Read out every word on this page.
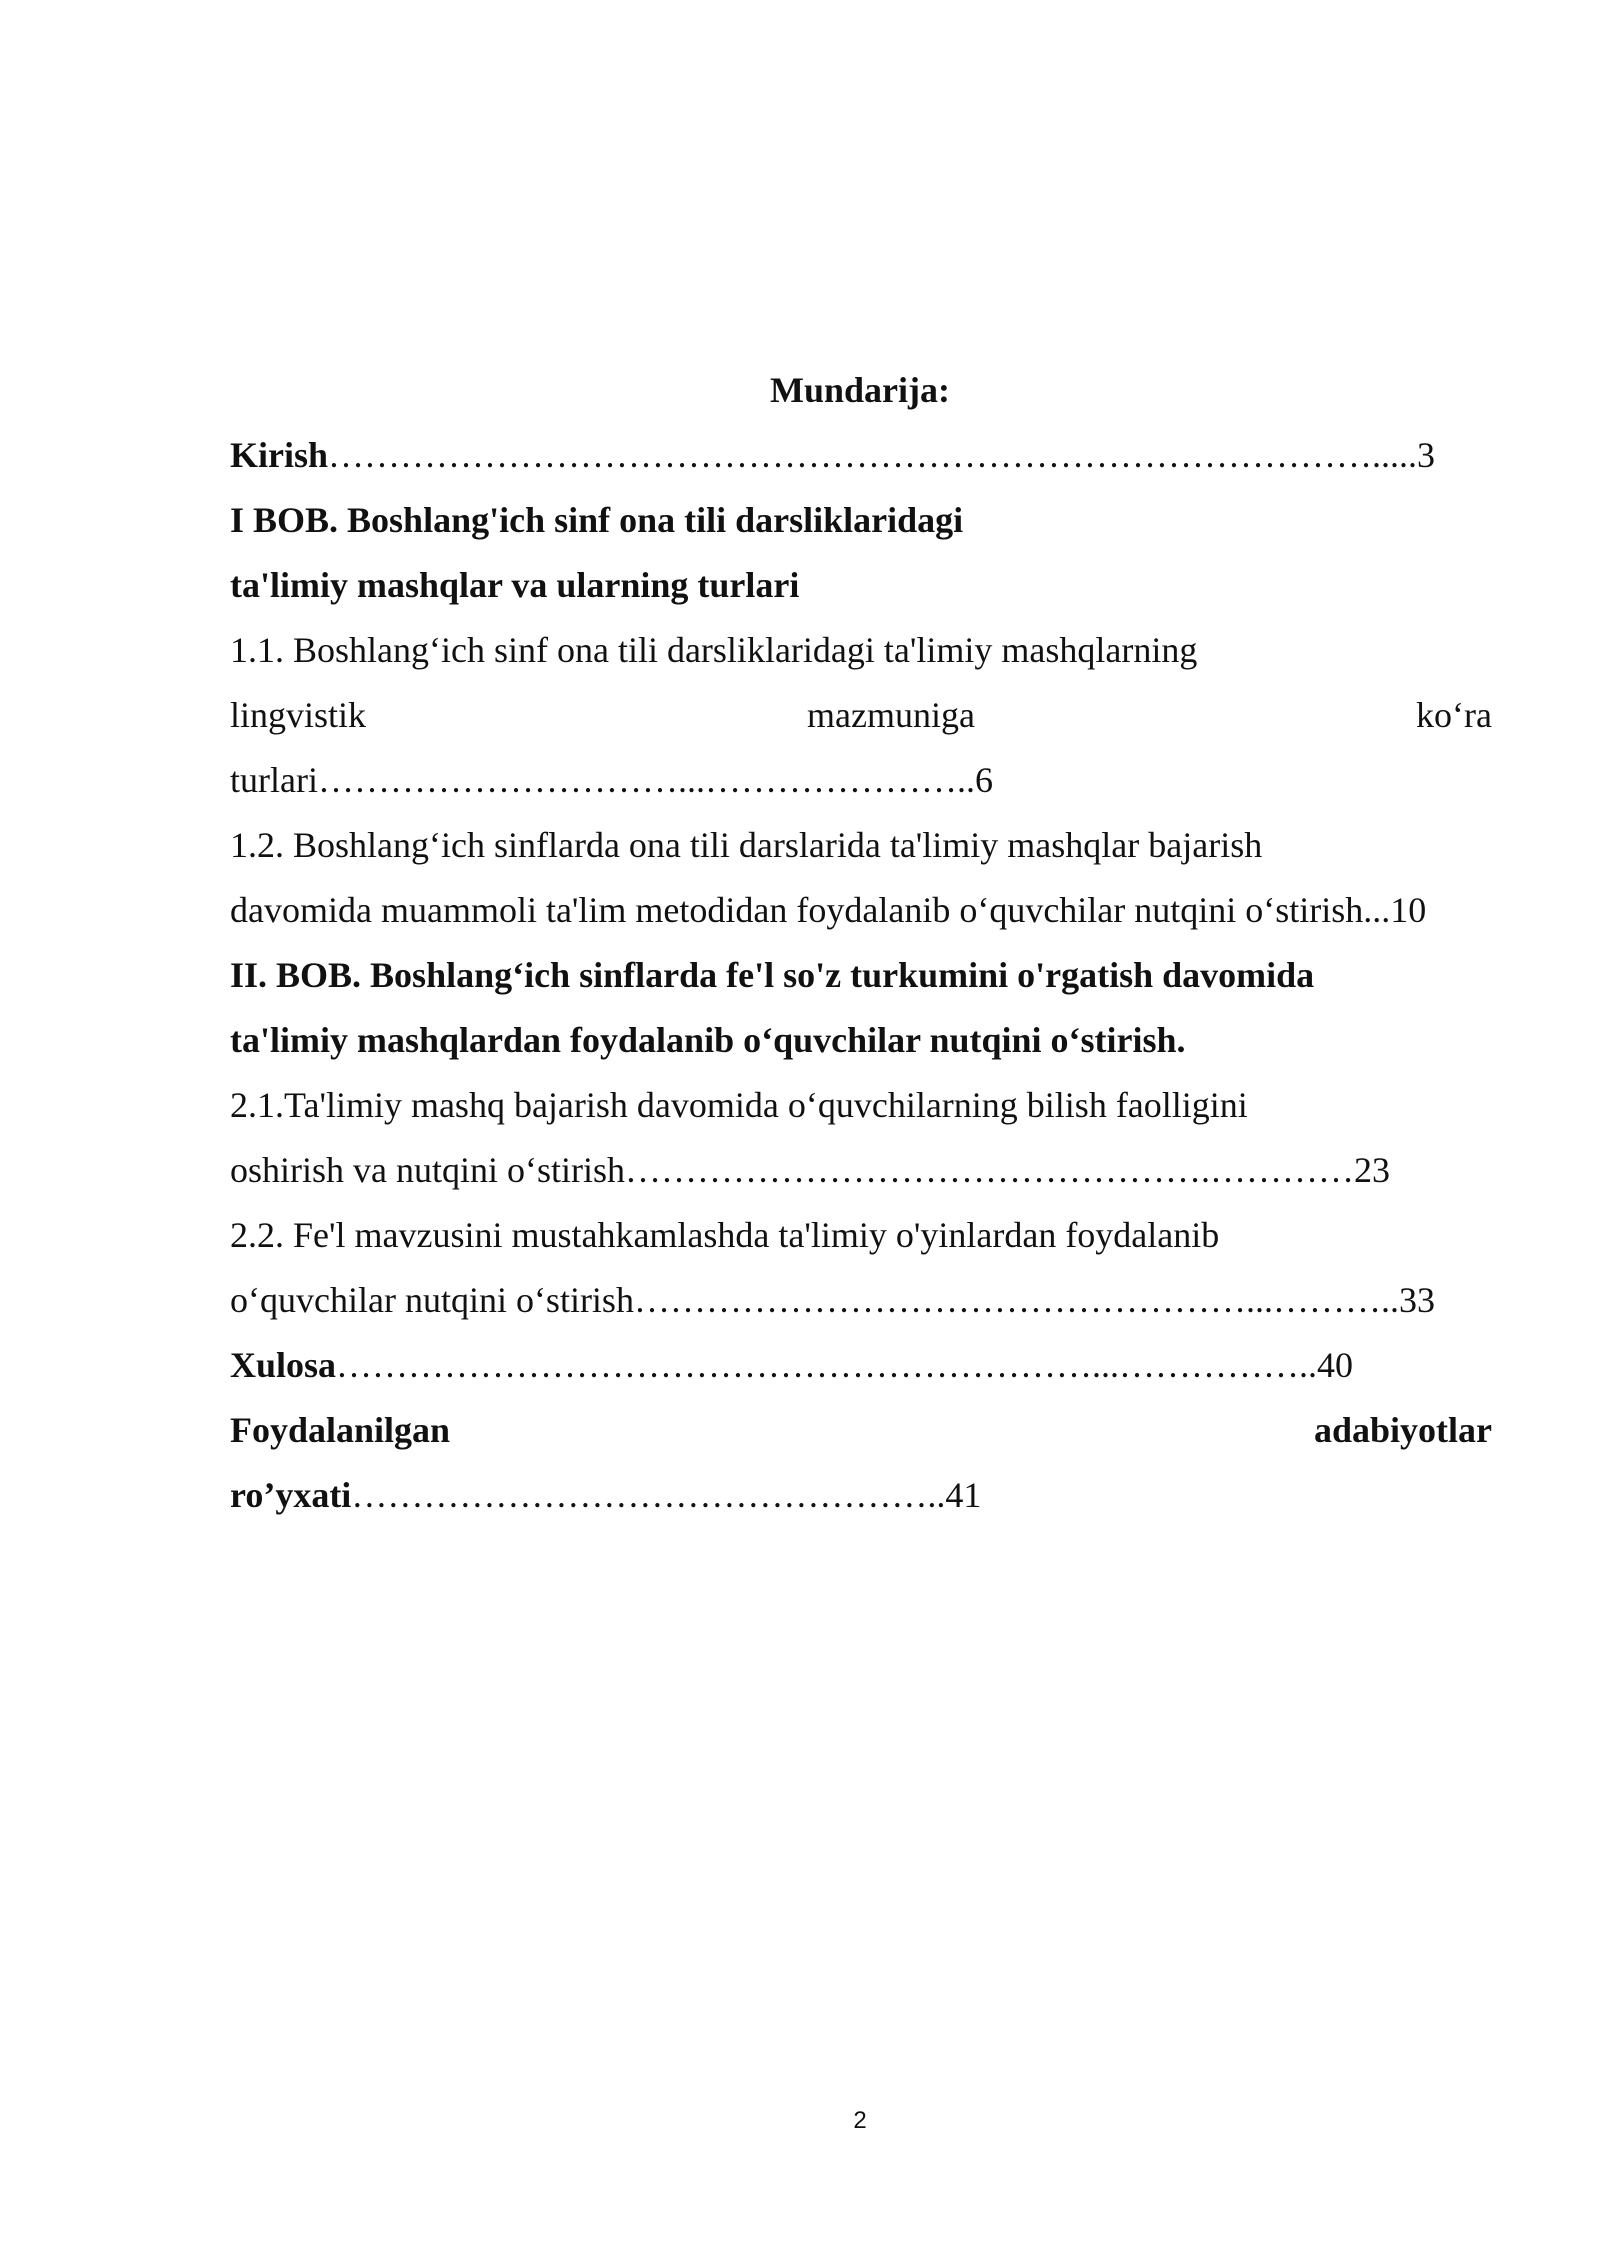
Mundarija:
Kirish…………………………………………………………………………….....3
I BOB. Boshlang'ich sinf ona tili darsliklaridagi
ta'limiy mashqlar va ularning turlari
1.1. Boshlang‘ich sinf ona tili darsliklaridagi ta'limiy mashqlarning
lingvistik	mazmuniga	ko‘ra
turlari…………………………...…………………..6
1.2. Boshlang‘ich sinflarda ona tili darslarida ta'limiy mashqlar bajarish
davomida muammoli ta'lim metodidan foydalanib o‘quvchilar nutqini o‘stirish...10
II. BOB. Boshlang‘ich sinflarda fe'l so'z turkumini o'rgatish davomida
ta'limiy mashqlardan foydalanib o‘quvchilar nutqini o‘stirish.
2.1.Ta'limiy mashq bajarish davomida o‘quvchilarning bilish faolligini
oshirish va nutqini o‘stirish………………………………………….…………23
2.2. Fe'l mavzusini mustahkamlashda ta'limiy o'yinlardan foydalanib
o‘quvchilar nutqini o‘stirish……………………………………………...………..33
Xulosa………………………………………………………...……………..40
Foydalanilgan	adabiyotlar
ro’yxati…………………………………………..41
2
